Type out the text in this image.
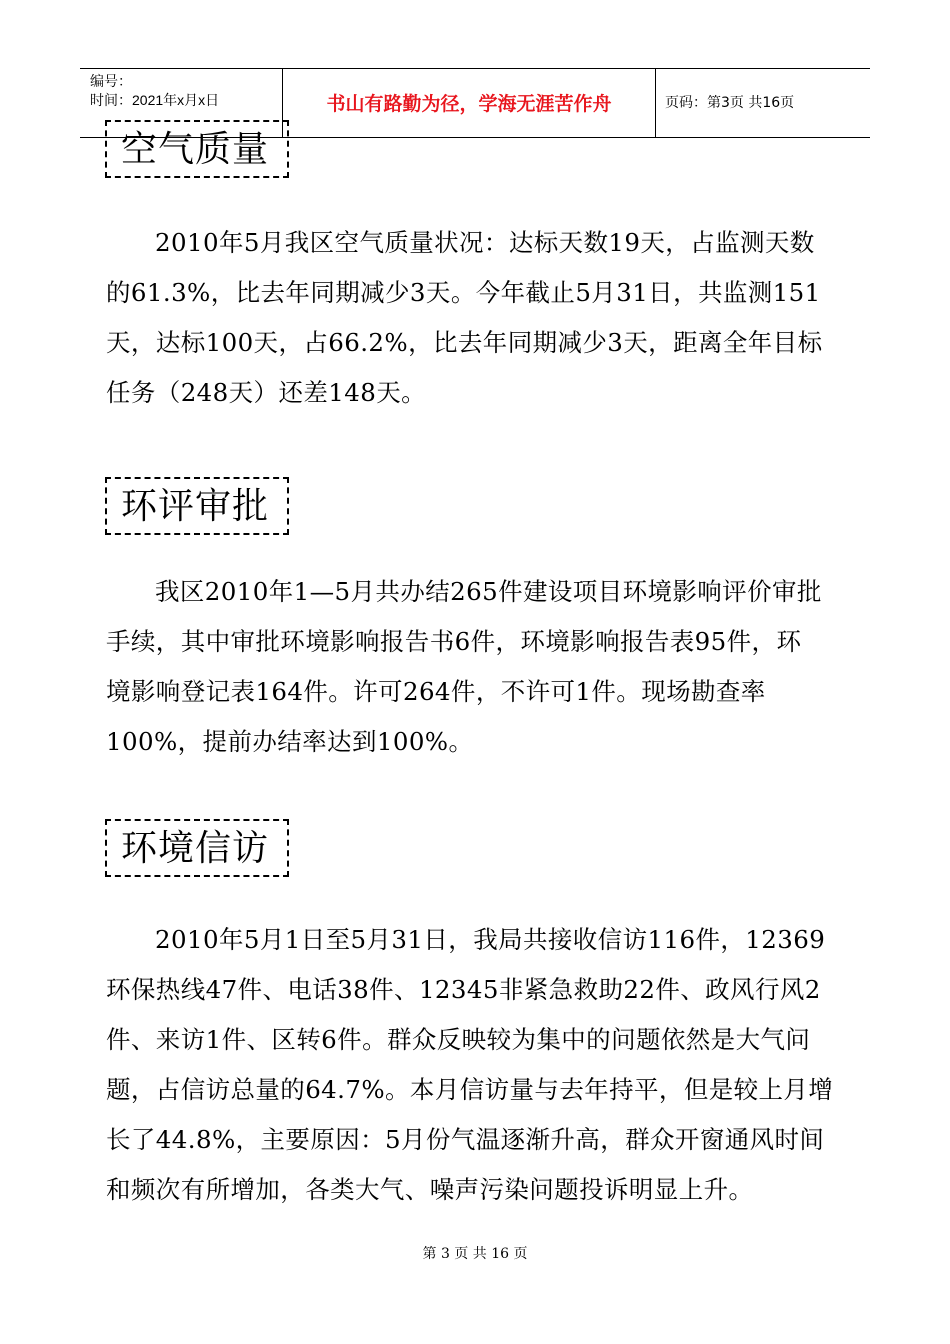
编号：
时间：2021年x月x日	书山有路勤为径，学海无涯苦作舟	页码：第3页 共16页
空气质量
2010年5月我区空气质量状况：达标天数19天，占监测天数
的61.3%，比去年同期减少3天。今年截止5月31日，共监测151
天，达标100天，占66.2%，比去年同期减少3天，距离全年目标
任务（248天）还差148天。
环评审批
我区2010年1—5月共办结265件建设项目环境影响评价审批
手续，其中审批环境影响报告书6件，环境影响报告表95件，环
境影响登记表164件。许可264件，不许可1件。现场勘查率
100%，提前办结率达到100%。
环境信访
2010年5月1日至5月31日，我局共接收信访116件，12369
环保热线47件、电话38件、12345非紧急救助22件、政风行风2
件、来访1件、区转6件。群众反映较为集中的问题依然是大气问
题，占信访总量的64.7%。本月信访量与去年持平，但是较上月增
长了44.8%，主要原因：5月份气温逐渐升高，群众开窗通风时间
和频次有所增加，各类大气、噪声污染问题投诉明显上升。
第 3 页 共 16 页
